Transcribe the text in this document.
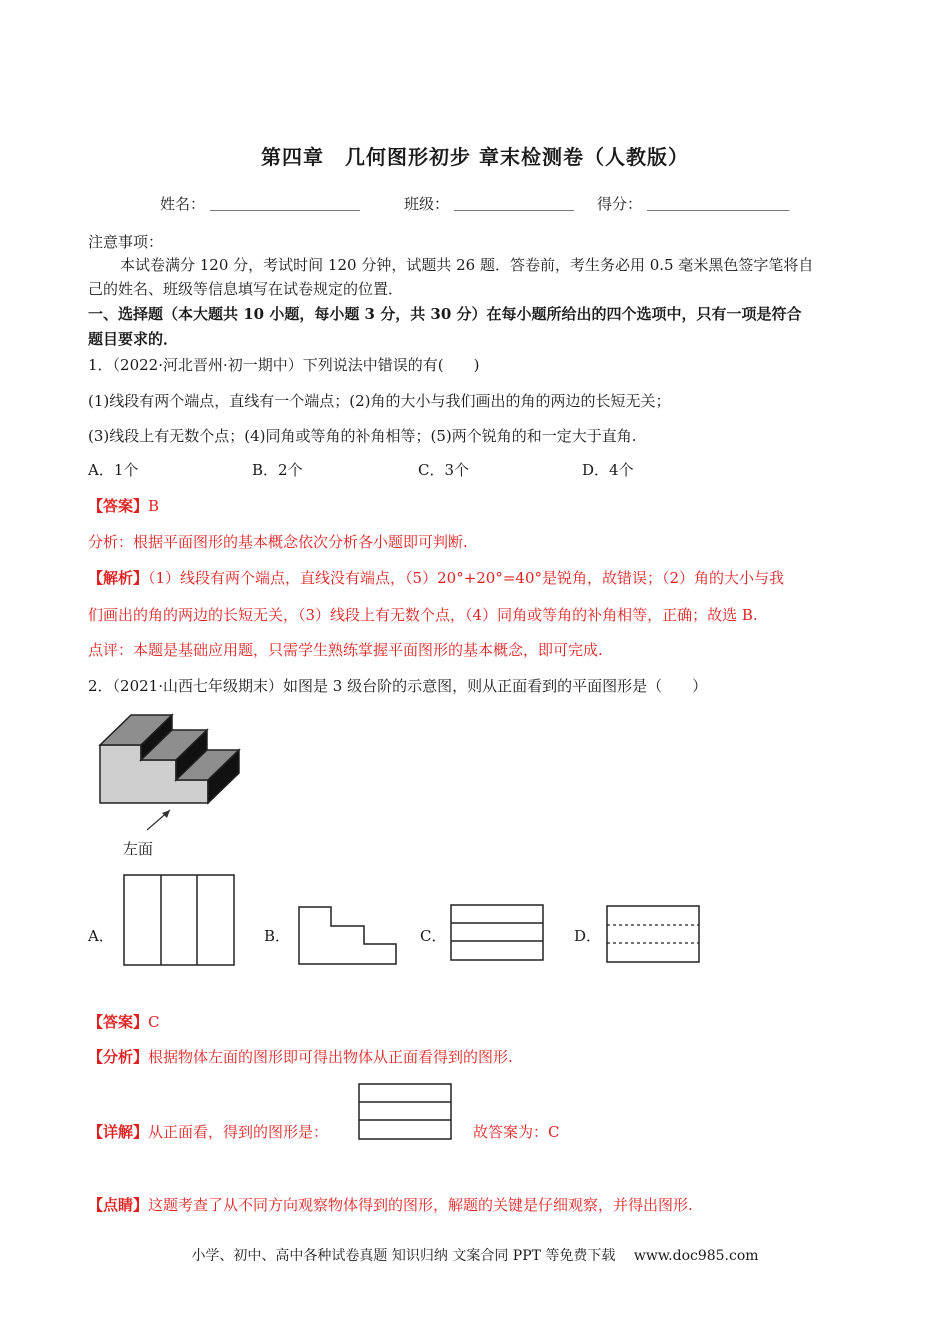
第四章　几何图形初步 章末检测卷（人教版）
姓名： ____________________	班级： ________________ 得分： ___________________
注意事项：
本试卷满分 120 分，考试时间 120 分钟，试题共 26 题．答卷前，考生务必用 0.5 毫米黑色签字笔将自
己的姓名、班级等信息填写在试卷规定的位置．
一、选择题（本大题共 10 小题，每小题 3 分，共 30 分）在每小题所给出的四个选项中，只有一项是符合
题目要求的．
1．（2022·河北晋州·初一期中）下列说法中错误的有(　　)
(1)线段有两个端点，直线有一个端点；(2)角的大小与我们画出的角的两边的长短无关；
(3)线段上有无数个点；(4)同角或等角的补角相等；(5)两个锐角的和一定大于直角.
A．1个	B．2个	C．3个	D．4个
【答案】B
分析：根据平面图形的基本概念依次分析各小题即可判断.
【解析】（1）线段有两个端点，直线没有端点，（5）20°+20°=40°是锐角，故错误；（2）角的大小与我
们画出的角的两边的长短无关，（3）线段上有无数个点，（4）同角或等角的补角相等，正确；故选 B.
点评：本题是基础应用题，只需学生熟练掌握平面图形的基本概念，即可完成.
2．（2021·山西七年级期末）如图是 3 级台阶的示意图，则从正面看到的平面图形是（　　）
左面
A．	B．	C．	D．
【答案】C
【分析】根据物体左面的图形即可得出物体从正面看得到的图形.
【详解】从正面看，得到的图形是：	故答案为：C
【点睛】这题考查了从不同方向观察物体得到的图形，解题的关键是仔细观察，并得出图形.
小学、初中、高中各种试卷真题 知识归纳 文案合同 PPT 等免费下载　 www.doc985.com
